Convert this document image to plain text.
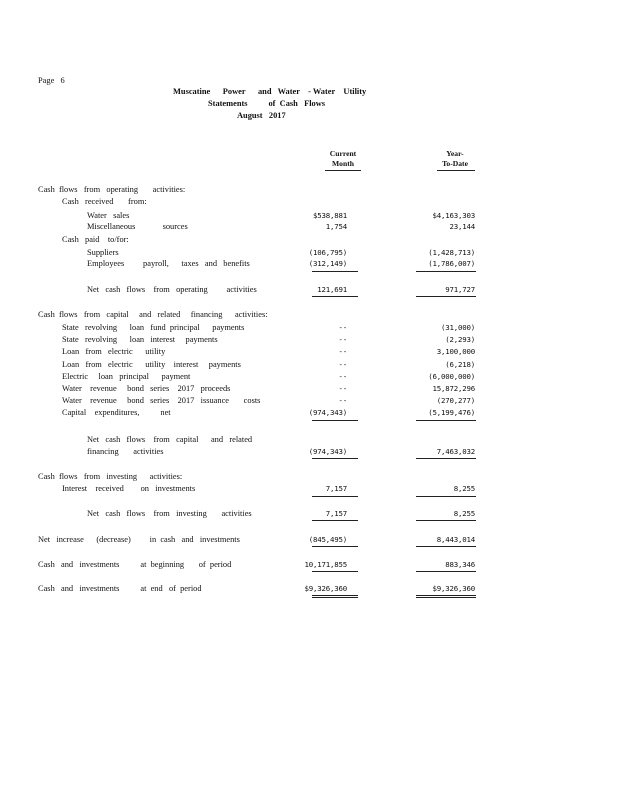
Page   6
Muscatine      Power      and   Water    - Water    Utility
Statements          of  Cash   Flows
August   2017
Current
Month
Year-
To-Date
Cash  flows   from   operating       activities:
Cash   received       from:
Water   sales	$538,881	$4,163,303
Miscellaneous             sources	1,754	23,144
Cash   paid    to/for:
Suppliers	(106,795)	(1,428,713)
Employees         payroll,      taxes   and   benefits	(312,149)	(1,786,007)
Net   cash   flows    from   operating         activities	121,691	971,727
Cash  flows   from   capital     and   related     financing      activities:
State   revolving      loan   fund  principal      payments	--	(31,000)
State   revolving      loan   interest     payments	--	(2,293)
Loan   from   electric      utility	--	3,100,000
Loan   from   electric      utility    interest     payments	--	(6,218)
Electric     loan   principal      payment	--	(6,000,000)
Water    revenue     bond   series    2017   proceeds	--	15,872,296
Water    revenue     bond   series    2017   issuance       costs	--	(270,277)
Capital    expenditures,          net	(974,343)	(5,199,476)
Net   cash   flows    from   capital      and   related
financing       activities	(974,343)	7,463,032
Cash  flows   from   investing      activities:
Interest    received        on   investments	7,157	8,255
Net   cash   flows    from   investing       activities	7,157	8,255
Net   increase      (decrease)         in  cash   and   investments	(845,495)	8,443,014
Cash   and   investments          at  beginning       of  period	10,171,855	883,346
Cash   and   investments          at  end   of  period	$9,326,360	$9,326,360
